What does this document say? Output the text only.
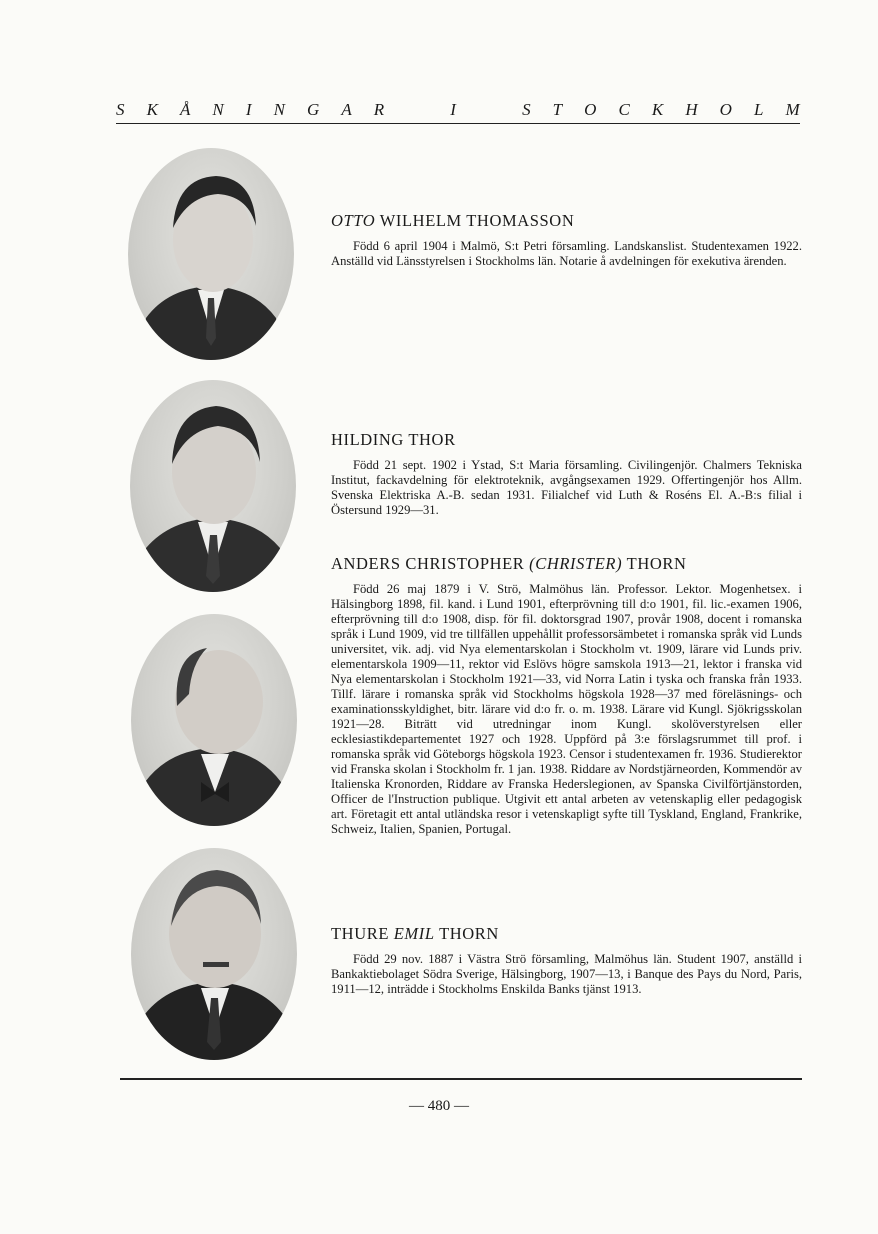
S K Å N I N G A R	I	S T O C K H O L M

OTTO WILHELM THOMASSON

Född 6 april 1904 i Malmö, S:t Petri församling. Landskanslist. Studentexamen 1922. Anställd vid Länsstyrelsen i Stockholms län. Notarie å avdelningen för exekutiva ärenden.

HILDING THOR

Född 21 sept. 1902 i Ystad, S:t Maria församling. Civilingenjör. Chalmers Tekniska Institut, fackavdelning för elektroteknik, avgångsexamen 1929. Offertingenjör hos Allm. Svenska Elektriska A.-B. sedan 1931. Filialchef vid Luth & Roséns El. A.-B:s filial i Östersund 1929—31.

ANDERS CHRISTOPHER (CHRISTER) THORN

Född 26 maj 1879 i V. Strö, Malmöhus län. Professor. Lektor. Mogenhetsex. i Hälsingborg 1898, fil. kand. i Lund 1901, efterprövning till d:o 1901, fil. lic.-examen 1906, efterprövning till d:o 1908, disp. för fil. doktorsgrad 1907, provår 1908, docent i romanska språk i Lund 1909, vid tre tillfällen uppehållit professorsämbetet i romanska språk vid Lunds universitet, vik. adj. vid Nya elementarskolan i Stockholm vt. 1909, lärare vid Lunds priv. elementarskola 1909—11, rektor vid Eslövs högre samskola 1913—21, lektor i franska vid Nya elementarskolan i Stockholm 1921—33, vid Norra Latin i tyska och franska från 1933. Tillf. lärare i romanska språk vid Stockholms högskola 1928—37 med föreläsnings- och examinationsskyldighet, bitr. lärare vid d:o fr. o. m. 1938. Lärare vid Kungl. Sjökrigsskolan 1921—28. Biträtt vid utredningar inom Kungl. skolöverstyrelsen eller ecklesiastikdepartementet 1927 och 1928. Uppförd på 3:e förslagsrummet till prof. i romanska språk vid Göteborgs högskola 1923. Censor i studentexamen fr. 1936. Studierektor vid Franska skolan i Stockholm fr. 1 jan. 1938. Riddare av Nordstjärneorden, Kommendör av Italienska Kronorden, Riddare av Franska Hederslegionen, av Spanska Civilförtjänstorden, Officer de l'Instruction publique. Utgivit ett antal arbeten av vetenskaplig eller pedagogisk art. Företagit ett antal utländska resor i vetenskapligt syfte till Tyskland, England, Frankrike, Schweiz, Italien, Spanien, Portugal.

THURE EMIL THORN

Född 29 nov. 1887 i Västra Strö församling, Malmöhus län. Student 1907, anställd i Bankaktiebolaget Södra Sverige, Hälsingborg, 1907—13, i Banque des Pays du Nord, Paris, 1911—12, inträdde i Stockholms Enskilda Banks tjänst 1913.

— 480 —
